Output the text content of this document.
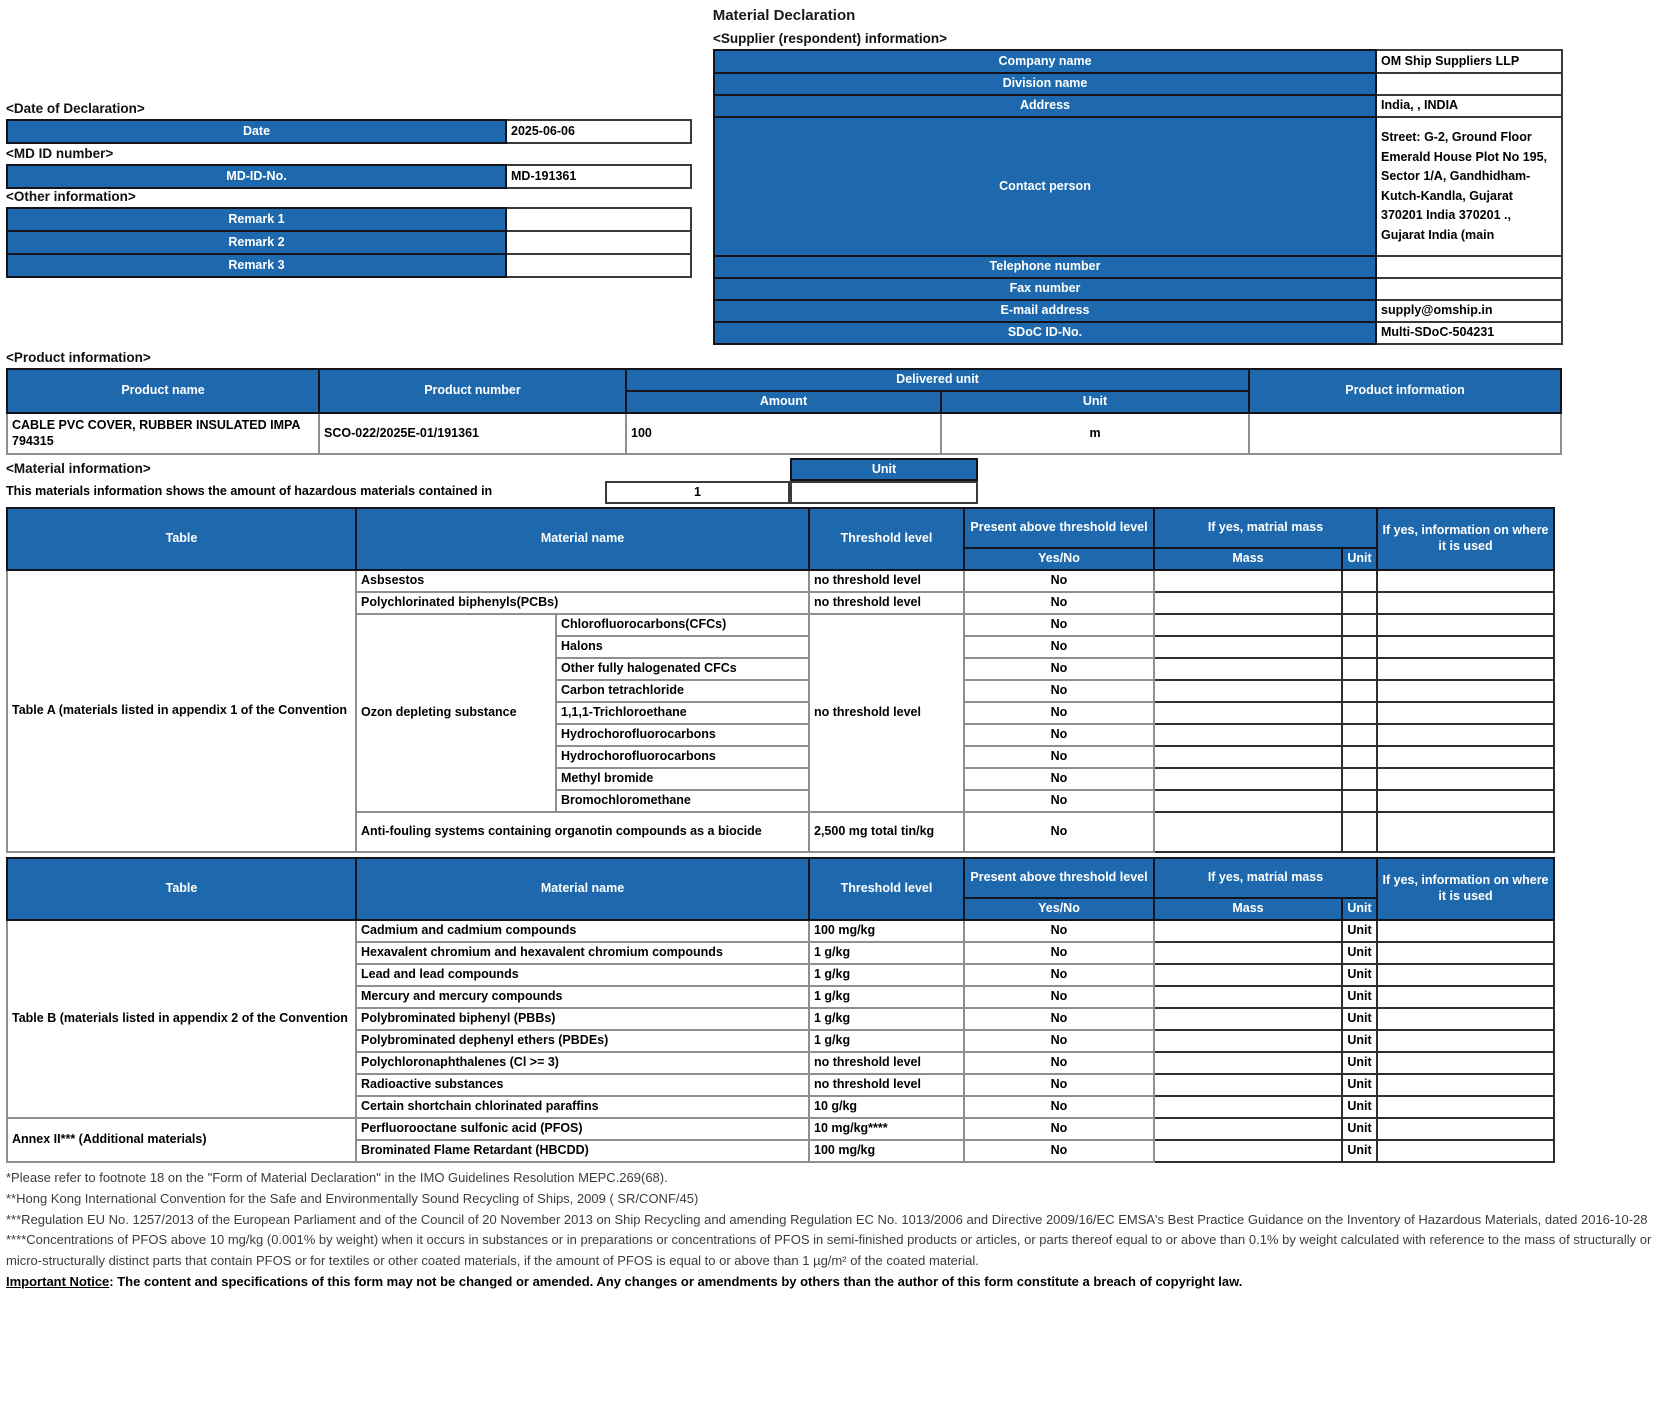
Material Declaration
<Supplier (respondent) information>
Company name	OM Ship Suppliers LLP
Division name	
Address	India, , INDIA
Contact person	Street: G-2, Ground Floor Emerald House Plot No 195, Sector 1/A, Gandhidham-Kutch-Kandla, Gujarat 370201 India 370201 ., Gujarat India (main
Telephone number	
Fax number	
E-mail address	supply@omship.in
SDoC ID-No.	Multi-SDoC-504231
<Date of Declaration>
Date	2025-06-06
<MD ID number>
MD-ID-No.	MD-191361
<Other information>
Remark 1	
Remark 2	
Remark 3	
<Product information>
Product name	Product number	Delivered unit		Product information
		Amount	Unit	
CABLE PVC COVER, RUBBER INSULATED IMPA 794315	SCO-022/2025E-01/191361	100	m	
<Material information>	Unit
This materials information shows the amount of hazardous materials contained in	1
Table	Material name		Threshold level	Present above threshold level	If yes, matrial mass		If yes, information on where it is used
				Yes/No	Mass	Unit	
Table A (materials listed in appendix 1 of the Convention	Asbsestos		no threshold level	No			
	Polychlorinated biphenyls(PCBs)		no threshold level	No			
	Ozon depleting substance	Chlorofluorocarbons(CFCs)	no threshold level	No			
		Halons		No			
		Other fully halogenated CFCs		No			
		Carbon tetrachloride		No			
		1,1,1-Trichloroethane		No			
		Hydrochorofluorocarbons		No			
		Hydrochorofluorocarbons		No			
		Methyl bromide		No			
		Bromochloromethane		No			
	Anti-fouling systems containing organotin compounds as a biocide		2,500 mg total tin/kg	No			
Table	Material name	Threshold level	Present above threshold level	If yes, matrial mass		If yes, information on where it is used
			Yes/No	Mass	Unit	
Table B (materials listed in appendix 2 of the Convention	Cadmium and cadmium compounds	100 mg/kg	No		Unit	
	Hexavalent chromium and hexavalent chromium compounds	1 g/kg	No		Unit	
	Lead and lead compounds	1 g/kg	No		Unit	
	Mercury and mercury compounds	1 g/kg	No		Unit	
	Polybrominated biphenyl (PBBs)	1 g/kg	No		Unit	
	Polybrominated dephenyl ethers (PBDEs)	1 g/kg	No		Unit	
	Polychloronaphthalenes (Cl >= 3)	no threshold level	No		Unit	
	Radioactive substances	no threshold level	No		Unit	
	Certain shortchain chlorinated paraffins	10 g/kg	No		Unit	
Annex II*** (Additional materials)	Perfluorooctane sulfonic acid (PFOS)	10 mg/kg****	No		Unit	
	Brominated Flame Retardant (HBCDD)	100 mg/kg	No		Unit	

*Please refer to footnote 18 on the "Form of Material Declaration" in the IMO Guidelines Resolution MEPC.269(68).

**Hong Kong International Convention for the Safe and Environmentally Sound Recycling of Ships, 2009 ( SR/CONF/45)

***Regulation EU No. 1257/2013 of the European Parliament and of the Council of 20 November 2013 on Ship Recycling and amending Regulation EC No. 1013/2006 and Directive 2009/16/EC EMSA's Best Practice Guidance on the Inventory of Hazardous Materials, dated 2016-10-28

****Concentrations of PFOS above 10 mg/kg (0.001% by weight) when it occurs in substances or in preparations or concentrations of PFOS in semi-finished products or articles, or parts thereof equal to or above than 0.1% by weight calculated with reference to the mass of structurally or micro-structurally distinct parts that contain PFOS or for textiles or other coated materials, if the amount of PFOS is equal to or above than 1 µg/m² of the coated material.

Important Notice: The content and specifications of this form may not be changed or amended. Any changes or amendments by others than the author of this form constitute a breach of copyright law.
